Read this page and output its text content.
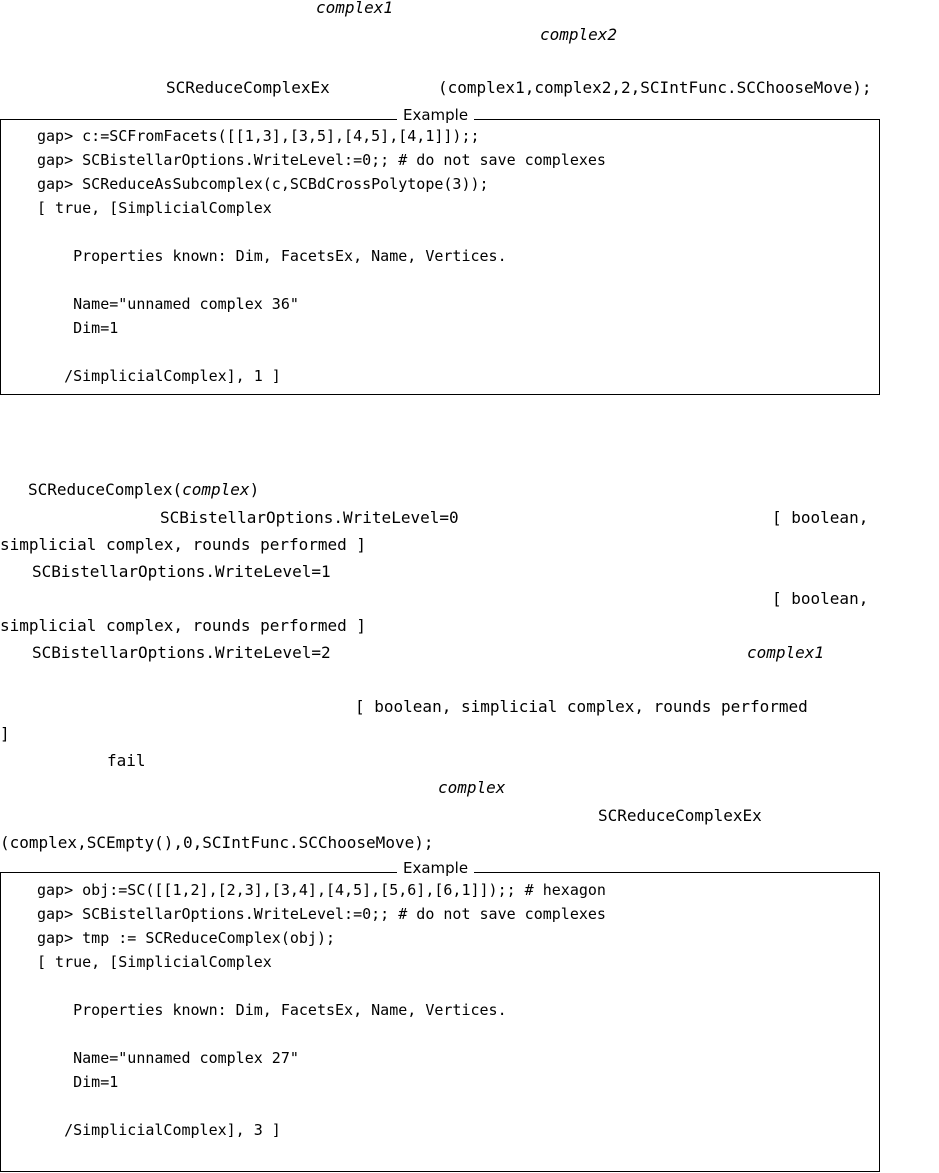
complex1
complex2
SCReduceComplexEx	(complex1,complex2,2,SCIntFunc.SCChooseMove);
gap> c:=SCFromFacets([[1,3],[3,5],[4,5],[4,1]]);;
gap> SCBistellarOptions.WriteLevel:=0;; # do not save complexes
gap> SCReduceAsSubcomplex(c,SCBdCrossPolytope(3));
[ true, [SimplicialComplex

Properties known: Dim, FacetsEx, Name, Vertices.

Name="unnamed complex 36"
Dim=1

/SimplicialComplex], 1 ]
Example
SCReduceComplex(complex)
SCBistellarOptions.WriteLevel=0	[ boolean,
simplicial complex, rounds performed ]
SCBistellarOptions.WriteLevel=1
[ boolean,
simplicial complex, rounds performed ]
SCBistellarOptions.WriteLevel=2	complex1
[ boolean, simplicial complex, rounds performed
]
fail
complex
SCReduceComplexEx
(complex,SCEmpty(),0,SCIntFunc.SCChooseMove);
gap> obj:=SC([[1,2],[2,3],[3,4],[4,5],[5,6],[6,1]]);; # hexagon
gap> SCBistellarOptions.WriteLevel:=0;; # do not save complexes
gap> tmp := SCReduceComplex(obj);
[ true, [SimplicialComplex

Properties known: Dim, FacetsEx, Name, Vertices.

Name="unnamed complex 27"
Dim=1

/SimplicialComplex], 3 ]
Example
